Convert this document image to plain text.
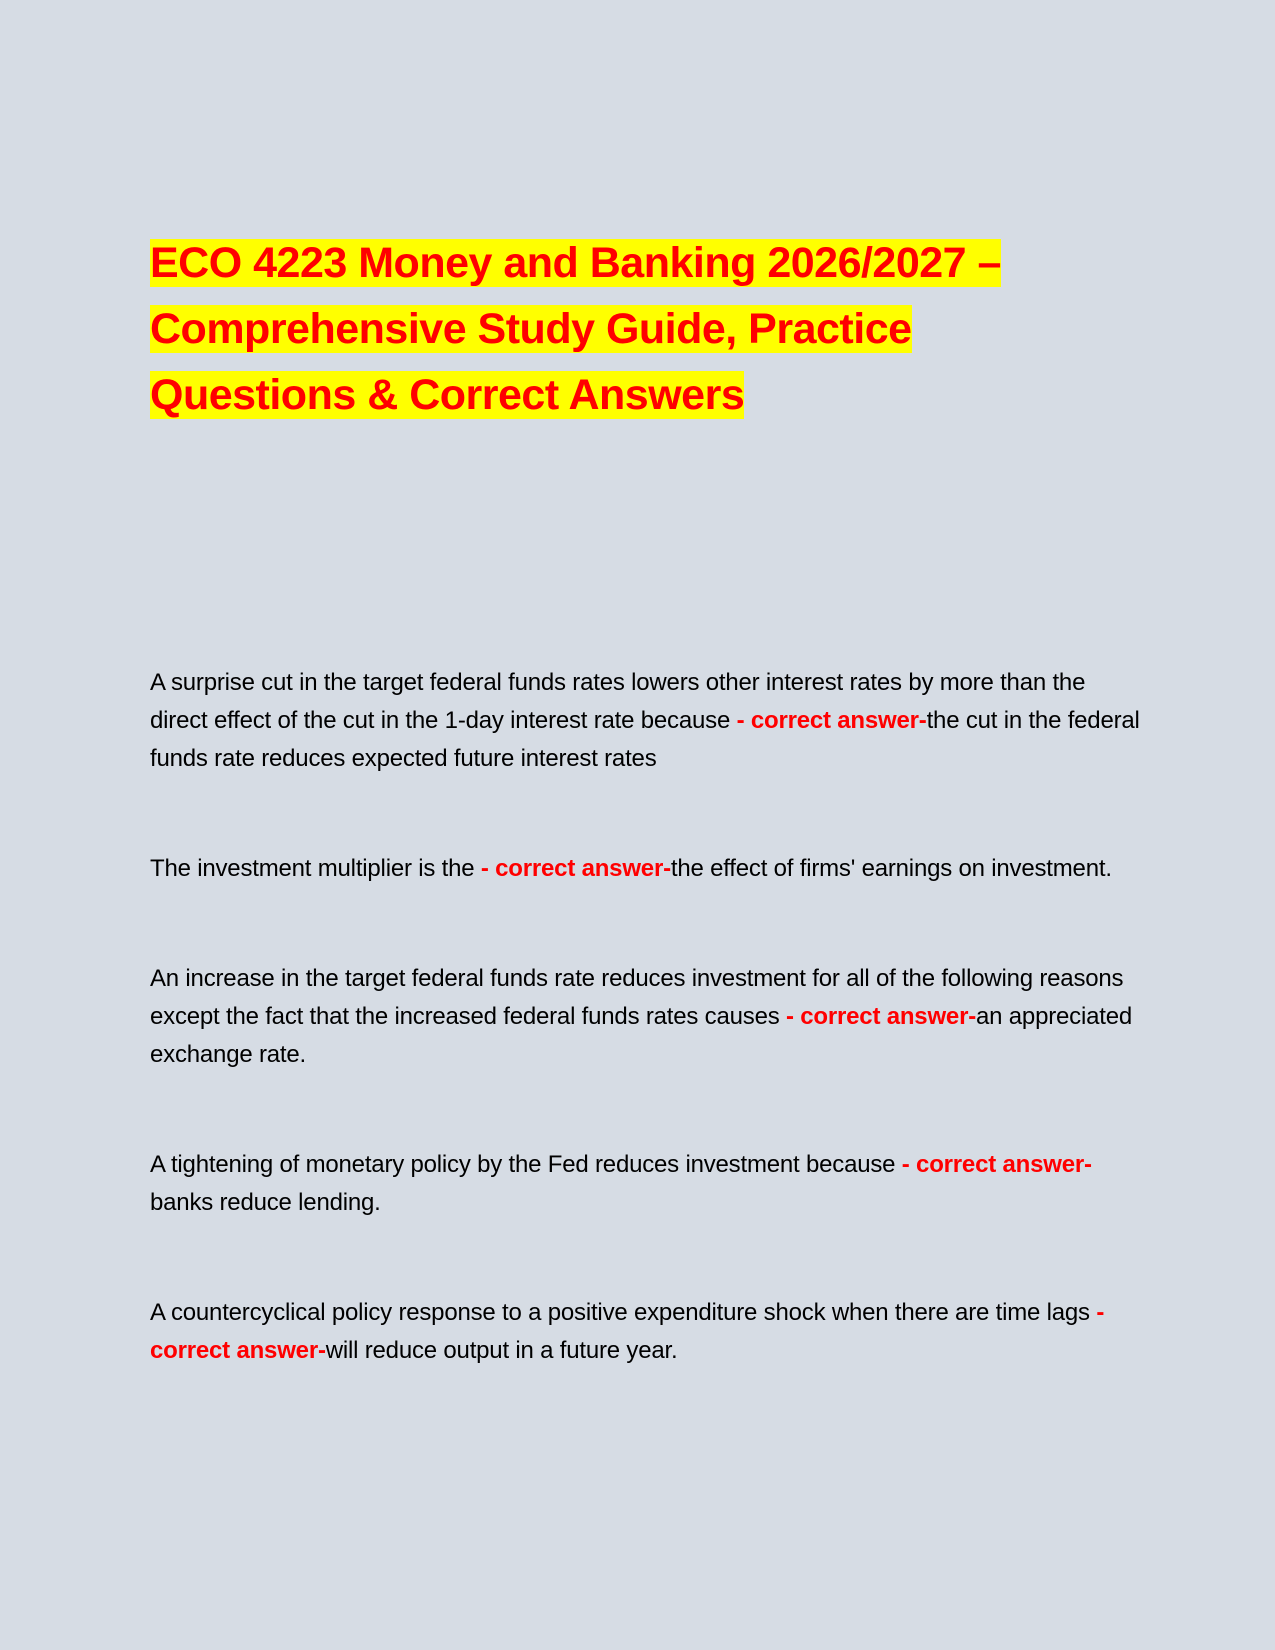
ECO 4223 Money and Banking 2026/2027 –
Comprehensive Study Guide, Practice
Questions & Correct Answers

A surprise cut in the target federal funds rates lowers other interest rates by more than the direct effect of the cut in the 1-day interest rate because - correct answer-the cut in the federal funds rate reduces expected future interest rates

The investment multiplier is the - correct answer-the effect of firms' earnings on investment.

An increase in the target federal funds rate reduces investment for all of the following reasons except the fact that the increased federal funds rates causes - correct answer-an appreciated exchange rate.

A tightening of monetary policy by the Fed reduces investment because - correct answer-banks reduce lending.

A countercyclical policy response to a positive expenditure shock when there are time lags - correct answer-will reduce output in a future year.
